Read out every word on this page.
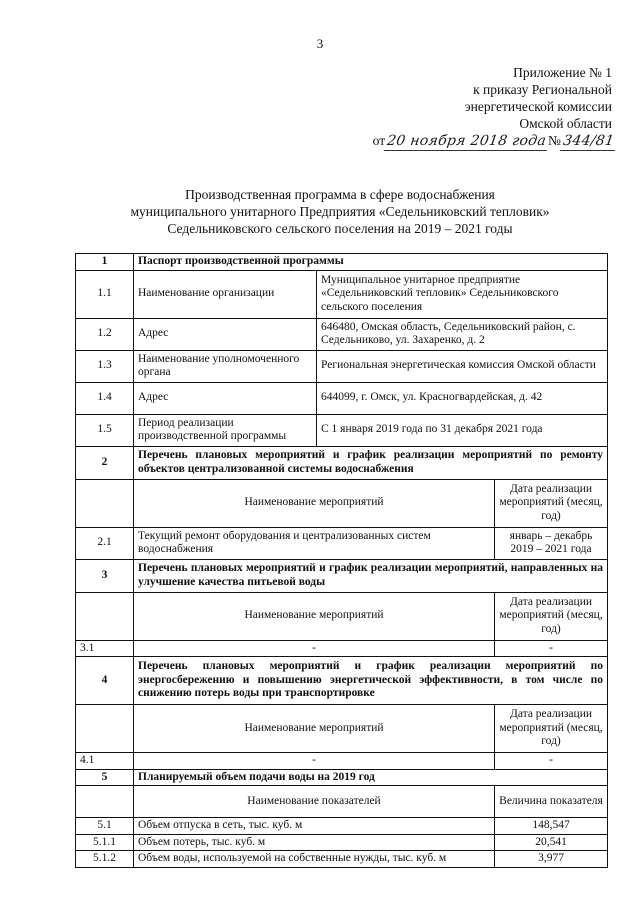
3
Приложение № 1
к приказу Региональной
энергетической комиссии
Омской области
от 20 ноября 2018 года № 344/81
Производственная программа в сфере водоснабжения
муниципального унитарного Предприятия «Седельниковский тепловик»
Седельниковского сельского поселения на 2019 – 2021 годы
1	Паспорт производственной программы		
1.1	Наименование организации	Муниципальное унитарное предприятие «Седельниковский тепловик» Седельниковского сельского поселения	
1.2	Адрес	646480, Омская область, Седельниковский район, с. Седельниково, ул. Захаренко, д. 2	
1.3	Наименование уполномоченного органа	Региональная энергетическая комиссия Омской области	
1.4	Адрес	644099, г. Омск, ул. Красногвардейская, д. 42	
1.5	Период реализации производственной программы	С 1 января 2019 года по 31 декабря 2021 года	
2	Перечень плановых мероприятий и график реализации мероприятий по ремонту объектов централизованной системы водоснабжения		
	Наименование мероприятий		Дата реализации мероприятий (месяц, год)
2.1	Текущий ремонт оборудования и централизованных систем водоснабжения		январь – декабрь 2019 – 2021 года
3	Перечень плановых мероприятий и график реализации мероприятий, направленных на улучшение качества питьевой воды		
	Наименование мероприятий		Дата реализации мероприятий (месяц, год)
3.1	-		-
4	Перечень плановых мероприятий и график реализации мероприятий по энергосбережению и повышению энергетической эффективности, в том числе по снижению потерь воды при транспортировке		
	Наименование мероприятий		Дата реализации мероприятий (месяц, год)
4.1	-		-
5	Планируемый объем подачи воды на 2019 год		
	Наименование показателей		Величина показателя
5.1	Объем отпуска в сеть, тыс. куб. м		148,547
5.1.1	Объем потерь, тыс. куб. м		20,541
5.1.2	Объем воды, используемой на собственные нужды, тыс. куб. м		3,977
